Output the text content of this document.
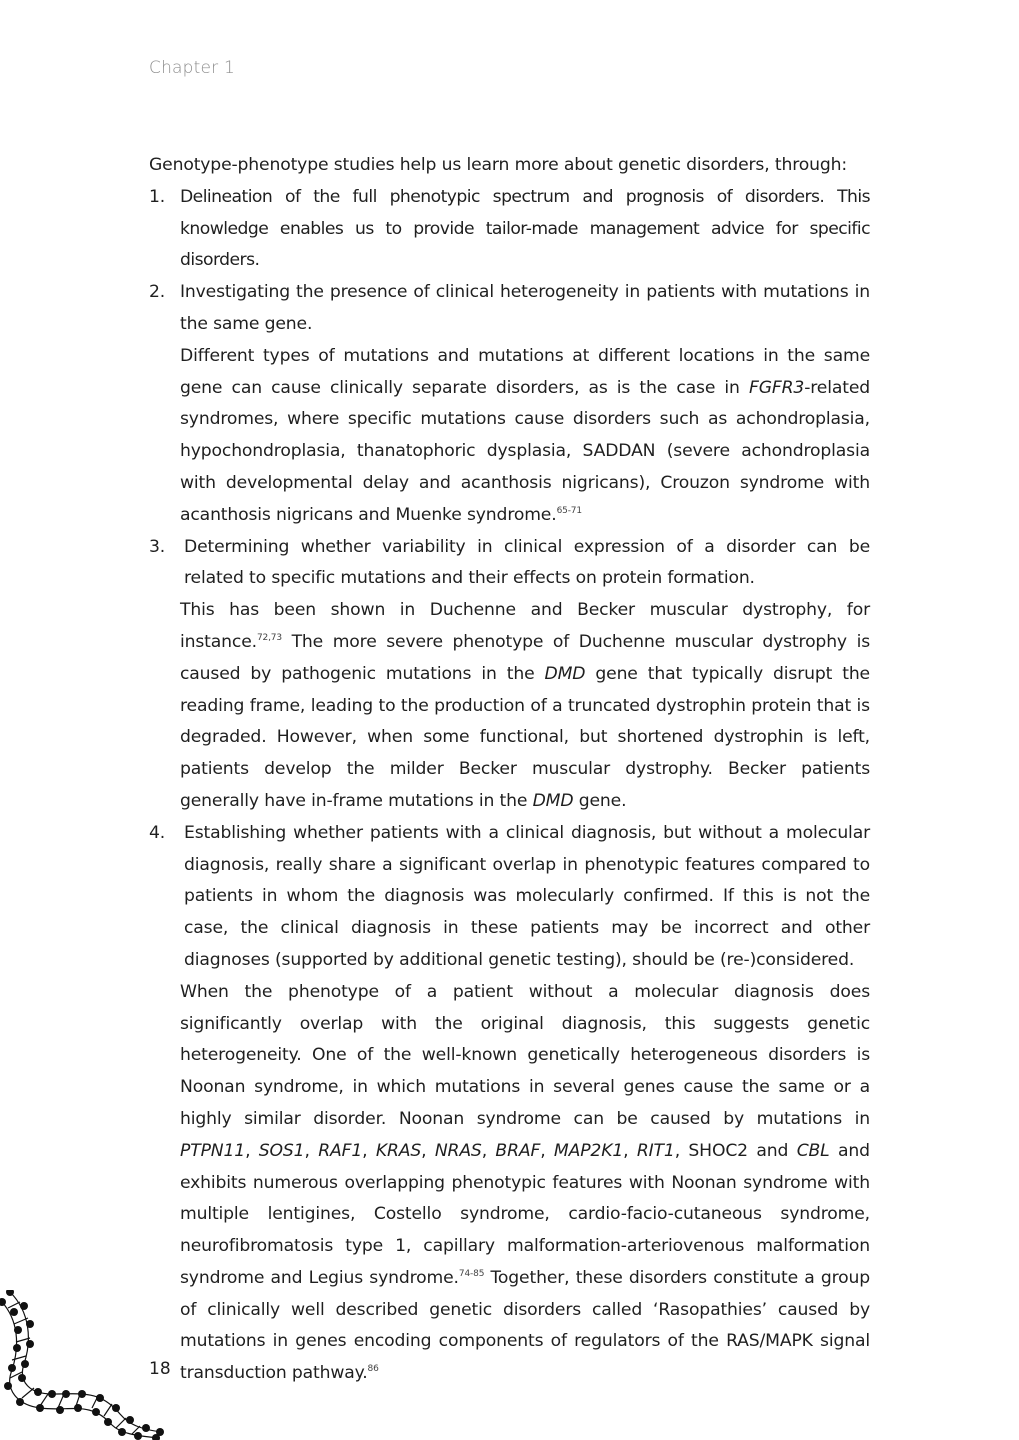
Chapter 1

Genotype-phenotype studies help us learn more about genetic disorders, through:

1. Delineation of the full phenotypic spectrum and prognosis of disorders. This knowledge enables us to provide tailor-made management advice for specific disorders.

2. Investigating the presence of clinical heterogeneity in patients with mutations in the same gene.

Different types of mutations and mutations at different locations in the same gene can cause clinically separate disorders, as is the case in FGFR3-related syndromes, where specific mutations cause disorders such as achondroplasia, hypochondroplasia, thanatophoric dysplasia, SADDAN (severe achondroplasia with developmental delay and acanthosis nigricans), Crouzon syndrome with acanthosis nigricans and Muenke syndrome.$^{65-71}$

3. Determining whether variability in clinical expression of a disorder can be related to specific mutations and their effects on protein formation.

This has been shown in Duchenne and Becker muscular dystrophy, for instance.$^{72,73}$ The more severe phenotype of Duchenne muscular dystrophy is caused by pathogenic mutations in the DMD gene that typically disrupt the reading frame, leading to the production of a truncated dystrophin protein that is degraded. However, when some functional, but shortened dystrophin is left, patients develop the milder Becker muscular dystrophy. Becker patients generally have in-frame mutations in the DMD gene.

4. Establishing whether patients with a clinical diagnosis, but without a molecular diagnosis, really share a significant overlap in phenotypic features compared to patients in whom the diagnosis was molecularly confirmed. If this is not the case, the clinical diagnosis in these patients may be incorrect and other diagnoses (supported by additional genetic testing), should be (re-)considered.

When the phenotype of a patient without a molecular diagnosis does significantly overlap with the original diagnosis, this suggests genetic heterogeneity. One of the well-known genetically heterogeneous disorders is Noonan syndrome, in which mutations in several genes cause the same or a highly similar disorder. Noonan syndrome can be caused by mutations in PTPN11, SOS1, RAF1, KRAS, NRAS, BRAF, MAP2K1, RIT1, SHOC2 and CBL and exhibits numerous overlapping phenotypic features with Noonan syndrome with multiple lentigines, Costello syndrome, cardio-facio-cutaneous syndrome, neurofibromatosis type 1, capillary malformation-arteriovenous malformation syndrome and Legius syndrome.$^{74-85}$ Together, these disorders constitute a group of clinically well described genetic disorders called ‘Rasopathies’ caused by mutations in genes encoding components of regulators of the RAS/MAPK signal transduction pathway.$^{86}$

18
